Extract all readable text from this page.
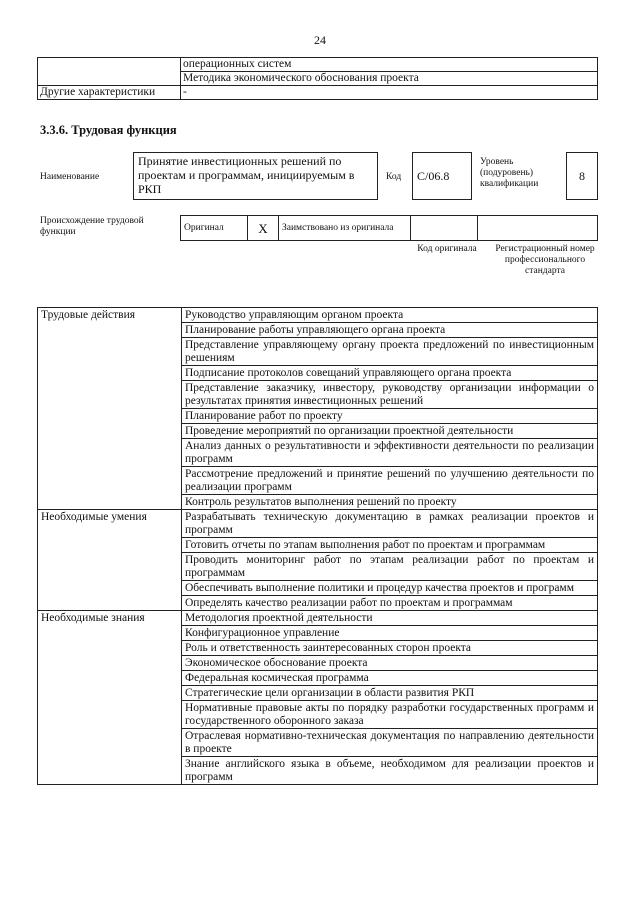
24
	операционных систем
	Методика экономического обоснования проекта
Другие характеристики	-
3.3.6. Трудовая функция
Наименование
Принятие инвестиционных решений по проектам и программам, инициируемым в РКП
Код	С/06.8
Уровень (подуровень) квалификации
8
Происхождение трудовой функции	Оригинал	X	Заимствовано из оригинала		
Код оригинала	Регистрационный номер профессионального стандарта
Трудовые действия	Руководство управляющим органом проекта
	Планирование работы управляющего органа проекта
	Представление управляющему органу проекта предложений по инвестиционным решениям
	Подписание протоколов совещаний управляющего органа проекта
	Представление заказчику, инвестору, руководству организации информации о результатах принятия инвестиционных решений
	Планирование работ по проекту
	Проведение мероприятий по организации проектной деятельности
	Анализ данных о результативности и эффективности деятельности по реализации программ
	Рассмотрение предложений и принятие решений по улучшению деятельности по реализации программ
	Контроль результатов выполнения решений по проекту
Необходимые умения	Разрабатывать техническую документацию в рамках реализации проектов и программ
	Готовить отчеты по этапам выполнения работ по проектам и программам
	Проводить мониторинг работ по этапам реализации работ по проектам и программам
	Обеспечивать выполнение политики и процедур качества проектов и программ
	Определять качество реализации работ по проектам и программам
Необходимые знания	Методология проектной деятельности
	Конфигурационное управление
	Роль и ответственность заинтересованных сторон проекта
	Экономическое обоснование проекта
	Федеральная космическая программа
	Стратегические цели организации в области развития РКП
	Нормативные правовые акты по порядку разработки государственных программ и государственного оборонного заказа
	Отраслевая нормативно-техническая документация по направлению деятельности в проекте
	Знание английского языка в объеме, необходимом для реализации проектов и программ
